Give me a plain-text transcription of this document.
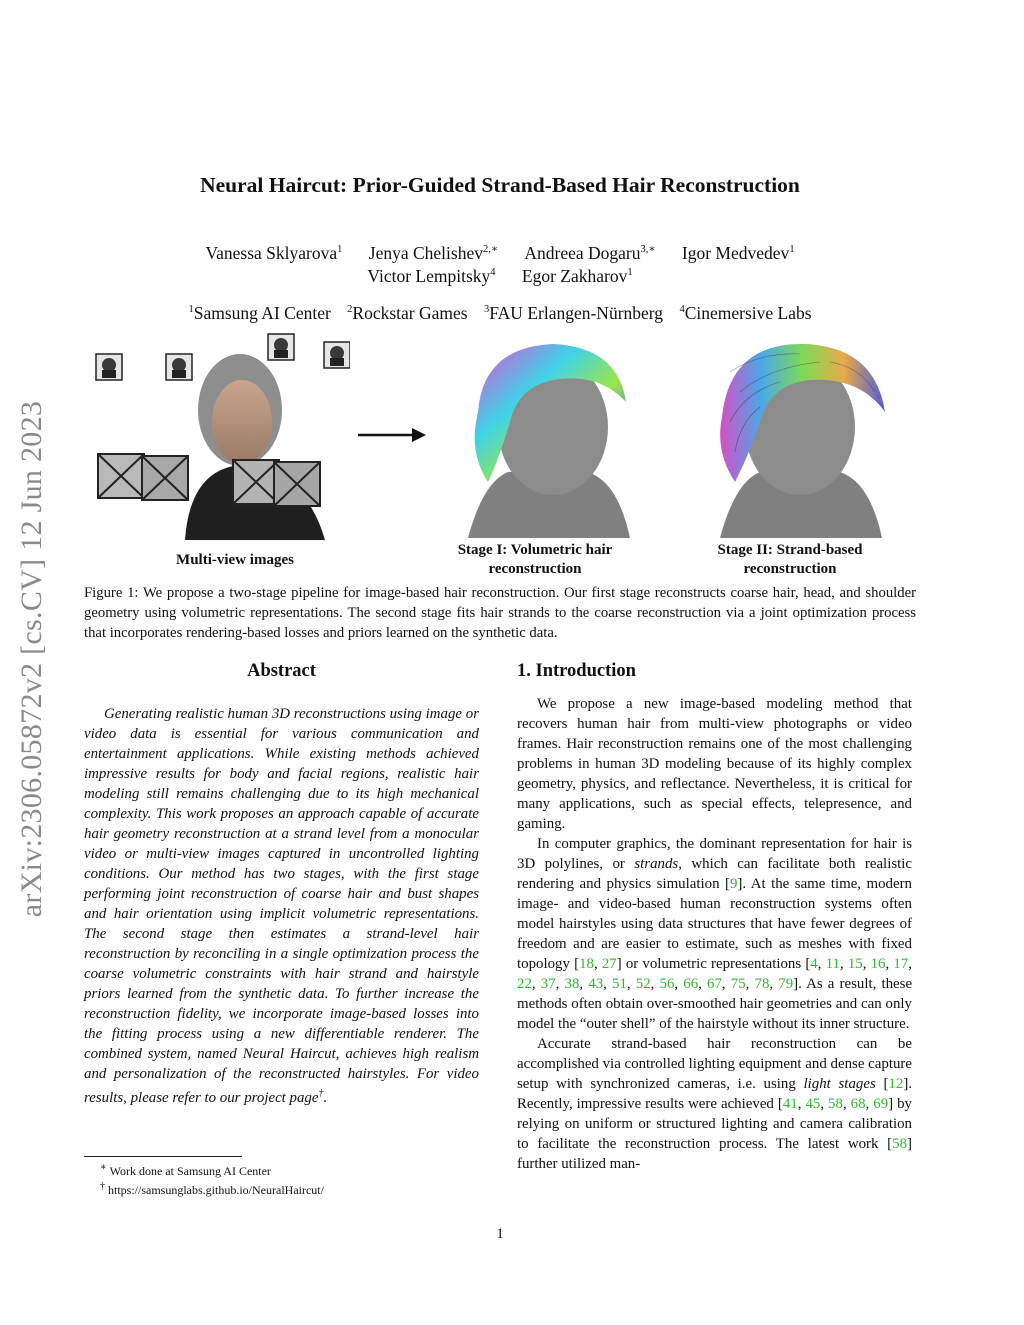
arXiv:2306.05872v2 [cs.CV] 12 Jun 2023
Neural Haircut: Prior-Guided Strand-Based Hair Reconstruction
Vanessa Sklyarova$^1$ Jenya Chelishev$^{2,∗}$ Andreea Dogaru$^{3,∗}$ Igor Medvedev$^1$
Victor Lempitsky$^4$ Egor Zakharov$^1$
$^1$Samsung AI Center $^2$Rockstar Games $^3$FAU Erlangen-Nürnberg $^4$Cinemersive Labs
Multi-view images
Stage I: Volumetric hair reconstruction
Stage II: Strand-based reconstruction
Figure 1: We propose a two-stage pipeline for image-based hair reconstruction. Our first stage reconstructs coarse hair, head, and shoulder geometry using volumetric representations. The second stage fits hair strands to the coarse reconstruction via a joint optimization process that incorporates rendering-based losses and priors learned on the synthetic data.
Abstract

Generating realistic human 3D reconstructions using image or video data is essential for various communication and entertainment applications. While existing methods achieved impressive results for body and facial regions, realistic hair modeling still remains challenging due to its high mechanical complexity. This work proposes an approach capable of accurate hair geometry reconstruction at a strand level from a monocular video or multi-view images captured in uncontrolled lighting conditions. Our method has two stages, with the first stage performing joint reconstruction of coarse hair and bust shapes and hair orientation using implicit volumetric representations. The second stage then estimates a strand-level hair reconstruction by reconciling in a single optimization process the coarse volumetric constraints with hair strand and hairstyle priors learned from the synthetic data. To further increase the reconstruction fidelity, we incorporate image-based losses into the fitting process using a new differentiable renderer. The combined system, named Neural Haircut, achieves high realism and personalization of the reconstructed hairstyles. For video results, please refer to our project page†.

1. Introduction

We propose a new image-based modeling method that recovers human hair from multi-view photographs or video frames. Hair reconstruction remains one of the most challenging problems in human 3D modeling because of its highly complex geometry, physics, and reflectance. Nevertheless, it is critical for many applications, such as special effects, telepresence, and gaming.

In computer graphics, the dominant representation for hair is 3D polylines, or strands, which can facilitate both realistic rendering and physics simulation [9]. At the same time, modern image- and video-based human reconstruction systems often model hairstyles using data structures that have fewer degrees of freedom and are easier to estimate, such as meshes with fixed topology [18, 27] or volumetric representations [4, 11, 15, 16, 17, 22, 37, 38, 43, 51, 52, 56, 66, 67, 75, 78, 79]. As a result, these methods often obtain over-smoothed hair geometries and can only model the “outer shell” of the hairstyle without its inner structure.

Accurate strand-based hair reconstruction can be accomplished via controlled lighting equipment and dense capture setup with synchronized cameras, i.e. using light stages [12]. Recently, impressive results were achieved [41, 45, 58, 68, 69] by relying on uniform or structured lighting and camera calibration to facilitate the reconstruction process. The latest work [58] further utilized man-

∗ Work done at Samsung AI Center
† https://samsunglabs.github.io/NeuralHaircut/
1
